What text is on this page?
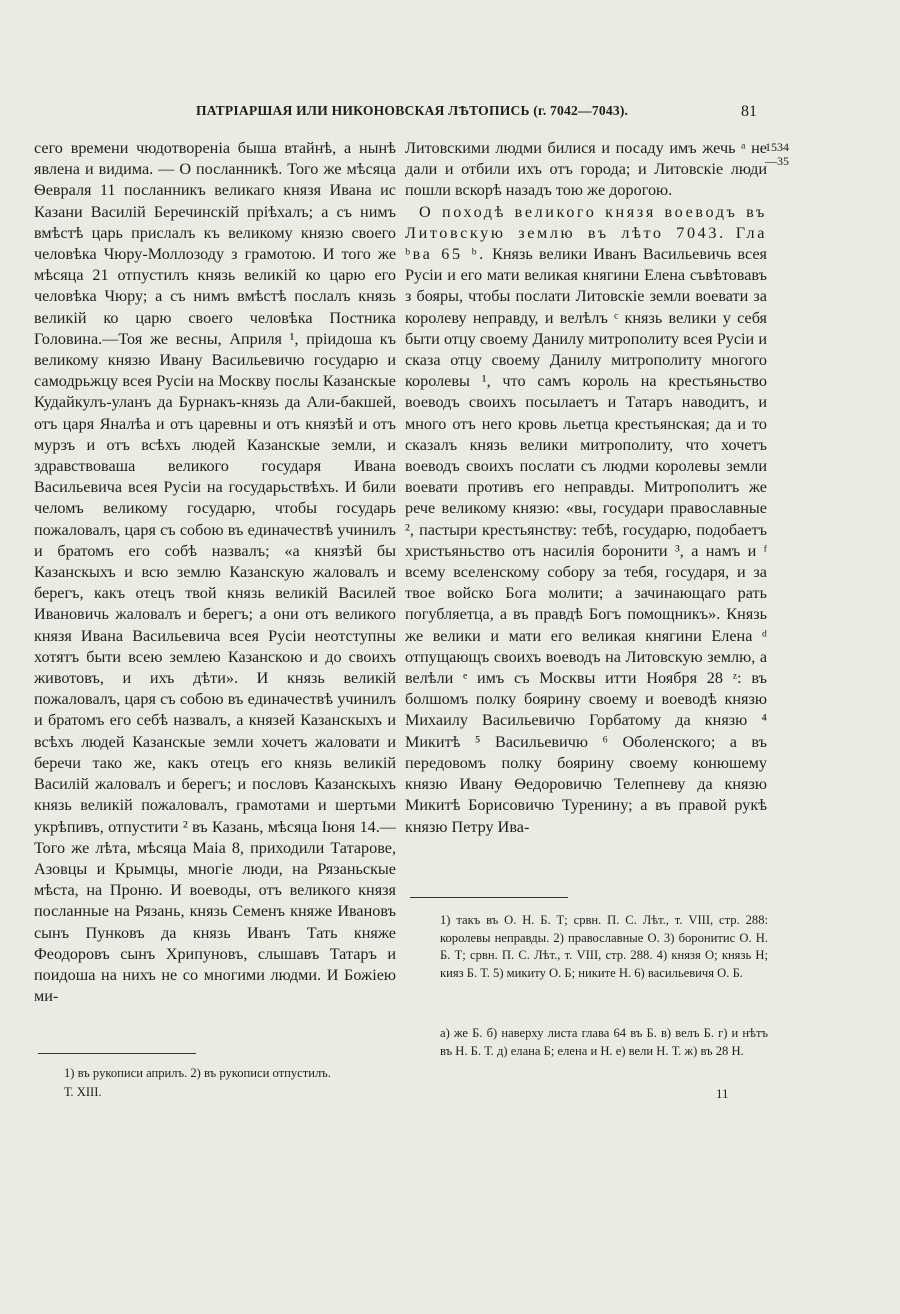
ПАТРІАРШАЯ ИЛИ НИКОНОВСКАЯ ЛѢТОПИСЬ (г. 7042—7043).	81

сего времени чюдотвореніа быша втайнѣ, а нынѣ явлена и видима. — О посланникѣ. Того же мѣсяца Ѳевраля 11 посланникъ великаго князя Ивана ис Казани Василій Беречинскій пріѣхалъ; а съ нимъ вмѣстѣ царь прислалъ къ великому князю своего человѣка Чюру-Моллозоду з грамотою. И того же мѣсяца 21 отпустилъ князь великій ко царю его человѣка Чюру; а съ нимъ вмѣстѣ послалъ князь великій ко царю своего человѣка Постника Головина.—Тоя же весны, Априля ¹, пріидоша къ великому князю Ивану Васильевичю государю и самодрьжцу всея Русіи на Москву послы Казанскые Кудайкулъ-уланъ да Бурнакъ-князь да Али-бакшей, отъ царя Яналѣа и отъ царевны и отъ князѣй и отъ мурзъ и отъ всѣхъ людей Казанскые земли, и здравствоваша великого государя Ивана Васильевича всея Русіи на государьствѣхъ. И били челомъ великому государю, чтобы государь пожаловалъ, царя съ собою въ единачествѣ учинилъ и братомъ его собѣ назвалъ; «а князѣй бы Казанскыхъ и всю землю Казанскую жаловалъ и берегъ, какъ отецъ твой князь великій Василей Ивановичь жаловалъ и берегъ; а они отъ великого князя Ивана Васильевича всея Русіи неотступны хотятъ быти всею землею Казанскою и до своихъ животовъ, и ихъ дѣти». И князь великій пожаловалъ, царя съ собою въ единачествѣ учинилъ и братомъ его себѣ назвалъ, а князей Казанскыхъ и всѣхъ людей Казанскые земли хочетъ жаловати и беречи тако же, какъ отецъ его князь великій Василій жаловалъ и берегъ; и пословъ Казанскыхъ князь великій пожаловалъ, грамотами и шертьми укрѣпивъ, отпустити ² въ Казань, мѣсяца Іюня 14.—Того же лѣта, мѣсяца Маіа 8, приходили Татарове, Азовцы и Крымцы, многіе люди, на Рязаньскые мѣста, на Проню. И воеводы, отъ великого князя посланные на Рязань, князь Семенъ княже Ивановъ сынъ Пунковъ да князь Иванъ Тать княже Феодоровъ сынъ Хрипуновъ, слышавъ Татаръ и поидоша на нихъ не со многими людми. И Божіею ми-

1534 —35

Литовскими людми билися и посаду имъ жечь ᵃ не дали и отбили ихъ отъ города; и Литовскіе люди пошли вскорѣ назадъ тою же дорогою.

О походѣ великого князя воеводъ въ Литовскую землю въ лѣто 7043. Гла ᵇва 65 ᵇ. Князь велики Иванъ Васильевичь всея Русіи и его мати великая княгини Елена съвѣтовавъ з бояры, чтобы послати Литовскіе земли воевати за королеву неправду, и велѣлъ ᶜ князь велики у себя быти отцу своему Данилу митрополиту всея Русіи и сказа отцу своему Данилу митрополиту многого королевы ¹, что самъ король на крестьяньство воеводъ своихъ посылаетъ и Татаръ наводитъ, и много отъ него кровь льетца крестьянская; да и то сказалъ князь велики митрополиту, что хочетъ воеводъ своихъ послати съ людми королевы земли воевати противъ его неправды. Митрополитъ же рече великому князю: «вы, государи православные ², пастыри крестьянству: тебѣ, государю, подобаетъ христьяньство отъ насилія боронити ³, а намъ и ᶠ всему вселенскому собору за тебя, государя, и за твое войско Бога молити; а зачинающаго рать погубляетца, а въ правдѣ Богъ помощникъ». Князь же велики и мати его великая княгини Елена ᵈ отпущающъ своихъ воеводъ на Литовскую землю, а велѣли ᵉ имъ съ Москвы итти Ноября 28 ᶻ: въ болшомъ полку боярину своему и воеводѣ князю Михаилу Васильевичю Горбатому да князю ⁴ Микитѣ ⁵ Васильевичю ⁶ Оболенского; а въ передовомъ полку боярину своему конюшему князю Ивану Ѳедоровичю Телепневу да князю Микитѣ Борисовичю Туренину; а въ правой рукѣ князю Петру Ива-

1) въ рукописи априлъ. 2) въ рукописи отпустилъ.

Т. XIII.

1) такъ въ О. Н. Б. Т; срвн. П. С. Лѣт., т. VIII, стр. 288: королевы неправды. 2) православные О. 3) боронитис О. Н. Б. Т; срвн. П. С. Лѣт., т. VIII, стр. 288. 4) князя О; князь Н; кияз Б. Т. 5) микиту О. Б; никите Н. 6) васильевичя О. Б.

а) же Б. б) наверху листа глава 64 въ Б. в) велъ Б. г) и нѣтъ въ Н. Б. Т. д) елана Б; елена и Н. е) вели Н. Т. ж) въ 28 Н.

11
